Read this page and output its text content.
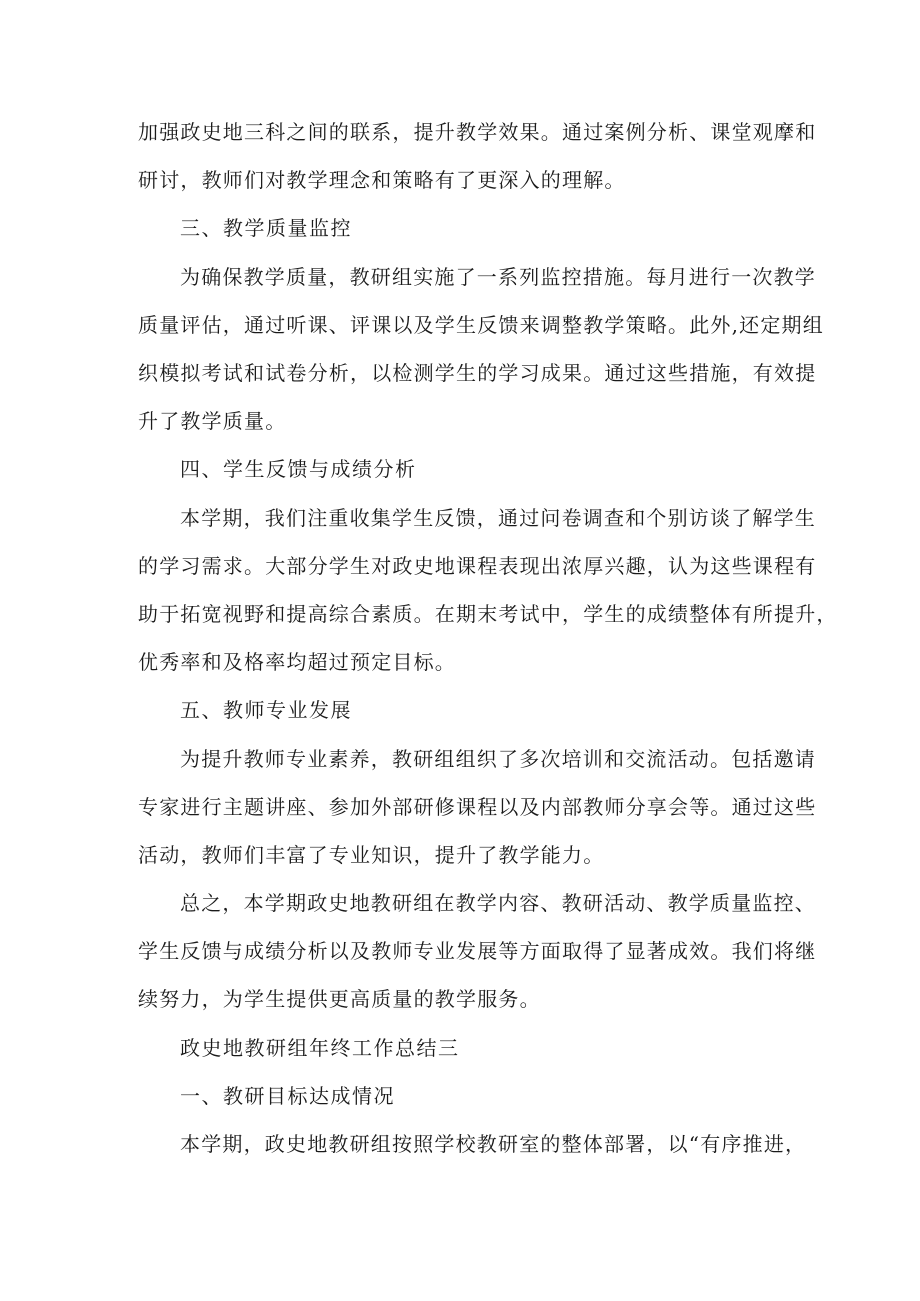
加强政史地三科之间的联系，提升教学效果。通过案例分析、课堂观摩和
研讨，教师们对教学理念和策略有了更深入的理解。
三、教学质量监控
为确保教学质量，教研组实施了一系列监控措施。每月进行一次教学
质量评估，通过听课、评课以及学生反馈来调整教学策略。此外,还定期组
织模拟考试和试卷分析，以检测学生的学习成果。通过这些措施，有效提
升了教学质量。
四、学生反馈与成绩分析
本学期，我们注重收集学生反馈，通过问卷调查和个别访谈了解学生
的学习需求。大部分学生对政史地课程表现出浓厚兴趣，认为这些课程有
助于拓宽视野和提高综合素质。在期末考试中，学生的成绩整体有所提升，
优秀率和及格率均超过预定目标。
五、教师专业发展
为提升教师专业素养，教研组组织了多次培训和交流活动。包括邀请
专家进行主题讲座、参加外部研修课程以及内部教师分享会等。通过这些
活动，教师们丰富了专业知识，提升了教学能力。
总之，本学期政史地教研组在教学内容、教研活动、教学质量监控、
学生反馈与成绩分析以及教师专业发展等方面取得了显著成效。我们将继
续努力，为学生提供更高质量的教学服务。
政史地教研组年终工作总结三
一、教研目标达成情况
本学期，政史地教研组按照学校教研室的整体部署，以“有序推进，
